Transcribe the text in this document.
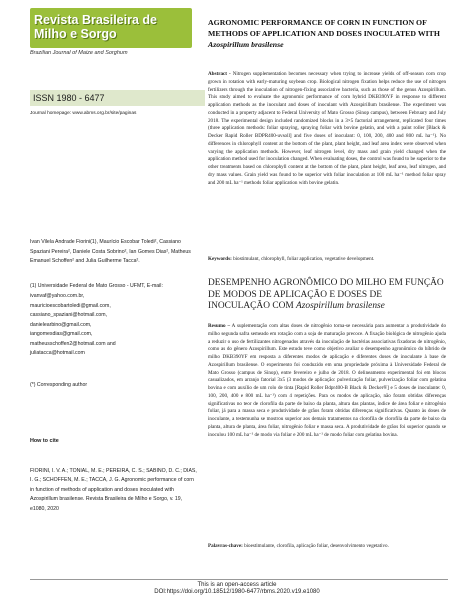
Revista Brasileira de
Milho e Sorgo
Brazilian Journal of Maize and Sorghum
ISSN 1980 - 6477
Journal homepage: www.abms.org.br/site/paginas
Ivan Vilela Andrade Fiorini(1), Maurício Escobar Toledi², Cassiano Spaziani Pereira², Daniele Costa Sobrino², Ian Gomes Dias², Matheus Emanuel Schoffen² and Julia Guilherme Tacca².
(1) Universidade Federal de Mato Grosso - UFMT, E-mail:
ivanvaf@yahoo.com.br,
mauricioescobartoledi@gmail.com,
cassiano_spaziani@hotmail.com,
danielearbino@gmail.com,
iangomesdias@gmail.com,
matheusschoffen2@hotmail.com and
juliatacca@hotmail.com
(*) Corresponding author
How to cite
FIORINI, I. V. A.; TONIAL, M. E.; PEREIRA, C. S.; SABINO, D. C.; DIAS, I. G.; SCHOFFEN, M. E.; TACCA, J. G. Agronomic performance of corn in function of methods of application and doses inoculated with Azospirillum brasilense. Revista Brasileira de Milho e Sorgo, v. 19, e1080, 2020
AGRONOMIC PERFORMANCE OF CORN IN FUNCTION OF METHODS OF APPLICATION AND DOSES INOCULATED WITH Azospirillum brasilense
Abstract - Nitrogen supplementation becomes necessary when trying to increase yields of off-season corn crop grown in rotation with early-maturing soybean crop. Biological nitrogen fixation helps reduce the use of nitrogen fertilizers through the inoculation of nitrogen-fixing associative bacteria, such as those of the genus Azospirillum. This study aimed to evaluate the agronomic performance of corn hybrid DKB390YF in response to different application methods as the inoculant and doses of inoculant with Azospirillum brasilense. The experiment was conducted in a property adjacent to Federal University of Mato Grosso (Sinop campus), between February and July 2018. The experimental design included randomized blocks in a 3×5 factorial arrangement, replicated four times (three application methods: foliar spraying, spraying foliar with bovine gelatin, and with a paint roller [Black & Decker Rapid Roller BDPR400-uvsoll] and five doses of inoculant: 0, 100, 200, 400 and 800 mL ha⁻¹). No differences in chlorophyll content at the bottom of the plant, plant height, and leaf area index were observed when varying the application methods. However, leaf nitrogen level, dry mass and grain yield changed when the application method used for inoculation changed. When evaluating doses, the control was found to be superior to the other treatments based on chlorophyll content at the bottom of the plant, plant height, leaf area, leaf nitrogen, and dry mass values. Grain yield was found to be superior with foliar inoculation at 100 mL ha⁻¹ method foliar spray and 200 mL ha⁻¹ methods foliar application with bovine gelatin.
Keywords: biostimulant, chlorophyll, foliar application, vegetative development.
DESEMPENHO AGRONÔMICO DO MILHO EM FUNÇÃO DE MODOS DE APLICAÇÃO E DOSES DE INOCULAÇÃO COM Azospirillum brasilense
Resumo – A suplementação com altas doses de nitrogênio torna-se necessária para aumentar a produtividade do milho segunda safra semeado em rotação com a soja de maturação precoce. A fixação biológica de nitrogênio ajuda a reduzir o uso de fertilizantes nitrogenados através da inoculação de bactérias associativas fixadoras de nitrogênio, como as do gênero Azospirillum. Este estudo teve como objetivo avaliar o desempenho agronômico do híbrido de milho DKB390YF em resposta a diferentes modos de aplicação e diferentes doses de inoculante à base de Azospirillum brasilense. O experimento foi conduzido em uma propriedade próxima à Universidade Federal de Mato Grosso (campus de Sinop), entre fevereiro e julho de 2018. O delineamento experimental foi em blocos casualizados, em arranjo fatorial 3x5 (3 modos de aplicação: pulverização foliar, pulverização foliar com gelatina bovina e com auxílio de um rolo de tinta [Rapid Roller Bdpr400-B Black & Decker®] e 5 doses de inoculante: 0, 100, 200, 400 e 800 mL ha⁻¹) com 4 repetições. Para os modos de aplicação, não foram obtidas diferenças significativas no teor de clorofila da parte de baixo da planta, altura das plantas, índice de área foliar e nitrogênio foliar, já para a massa seca e produtividade de grãos foram obtidas diferenças significativas. Quanto às doses de inoculante, a testemunha se mostrou superior aos demais tratamentos na clorofila de clorofila da parte de baixo da planta, altura de planta, área foliar, nitrogênio foliar e massa seca. A produtividade de grãos foi superior quando se inoculou 100 mL ha⁻¹ de modo via foliar e 200 mL ha⁻¹ de modo foliar com gelatina bovina.
Palavras-chave: bioestimulante, clorofila, aplicação foliar, desenvolvimento vegetativo.
This is an open-access article
DOI:https://doi.org/10.18512/1980-6477/rbms.2020.v19.e1080
